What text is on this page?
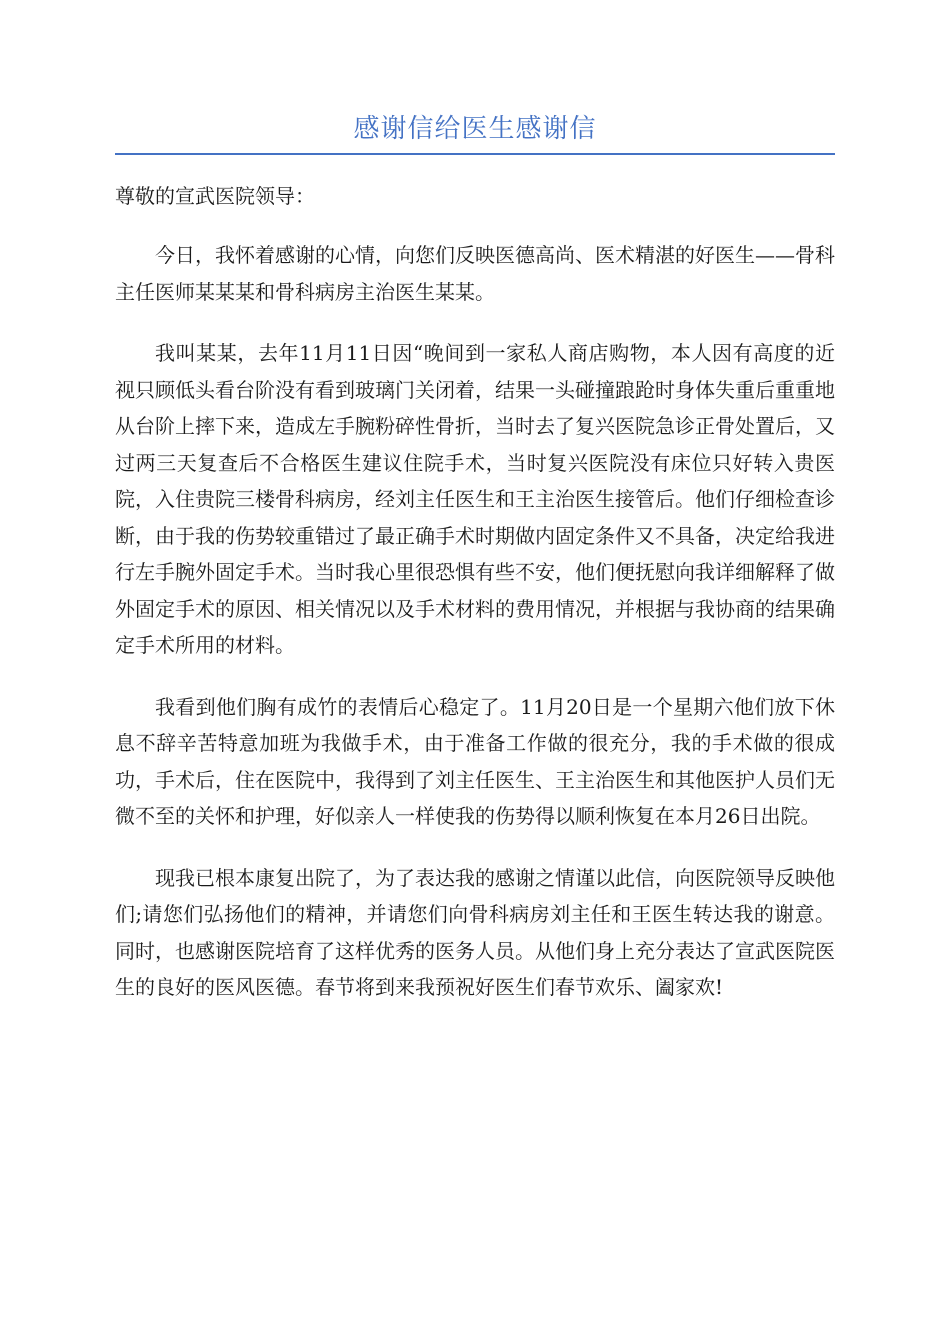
感谢信给医生感谢信

尊敬的宣武医院领导：

今日，我怀着感谢的心情，向您们反映医德高尚、医术精湛的好医生——骨科主任医师某某某和骨科病房主治医生某某。

我叫某某，去年11月11日因“晚间到一家私人商店购物，本人因有高度的近视只顾低头看台阶没有看到玻璃门关闭着，结果一头碰撞踉跄时身体失重后重重地从台阶上摔下来，造成左手腕粉碎性骨折，当时去了复兴医院急诊正骨处置后，又过两三天复查后不合格医生建议住院手术，当时复兴医院没有床位只好转入贵医院，入住贵院三楼骨科病房，经刘主任医生和王主治医生接管后。他们仔细检查诊断，由于我的伤势较重错过了最正确手术时期做内固定条件又不具备，决定给我进行左手腕外固定手术。当时我心里很恐惧有些不安，他们便抚慰向我详细解释了做外固定手术的原因、相关情况以及手术材料的费用情况，并根据与我协商的结果确定手术所用的材料。

我看到他们胸有成竹的表情后心稳定了。11月20日是一个星期六他们放下休息不辞辛苦特意加班为我做手术，由于准备工作做的很充分，我的手术做的很成功，手术后，住在医院中，我得到了刘主任医生、王主治医生和其他医护人员们无微不至的关怀和护理，好似亲人一样使我的伤势得以顺利恢复在本月26日出院。

现我已根本康复出院了，为了表达我的感谢之情谨以此信，向医院领导反映他们;请您们弘扬他们的精神，并请您们向骨科病房刘主任和王医生转达我的谢意。同时，也感谢医院培育了这样优秀的医务人员。从他们身上充分表达了宣武医院医生的良好的医风医德。春节将到来我预祝好医生们春节欢乐、阖家欢!
